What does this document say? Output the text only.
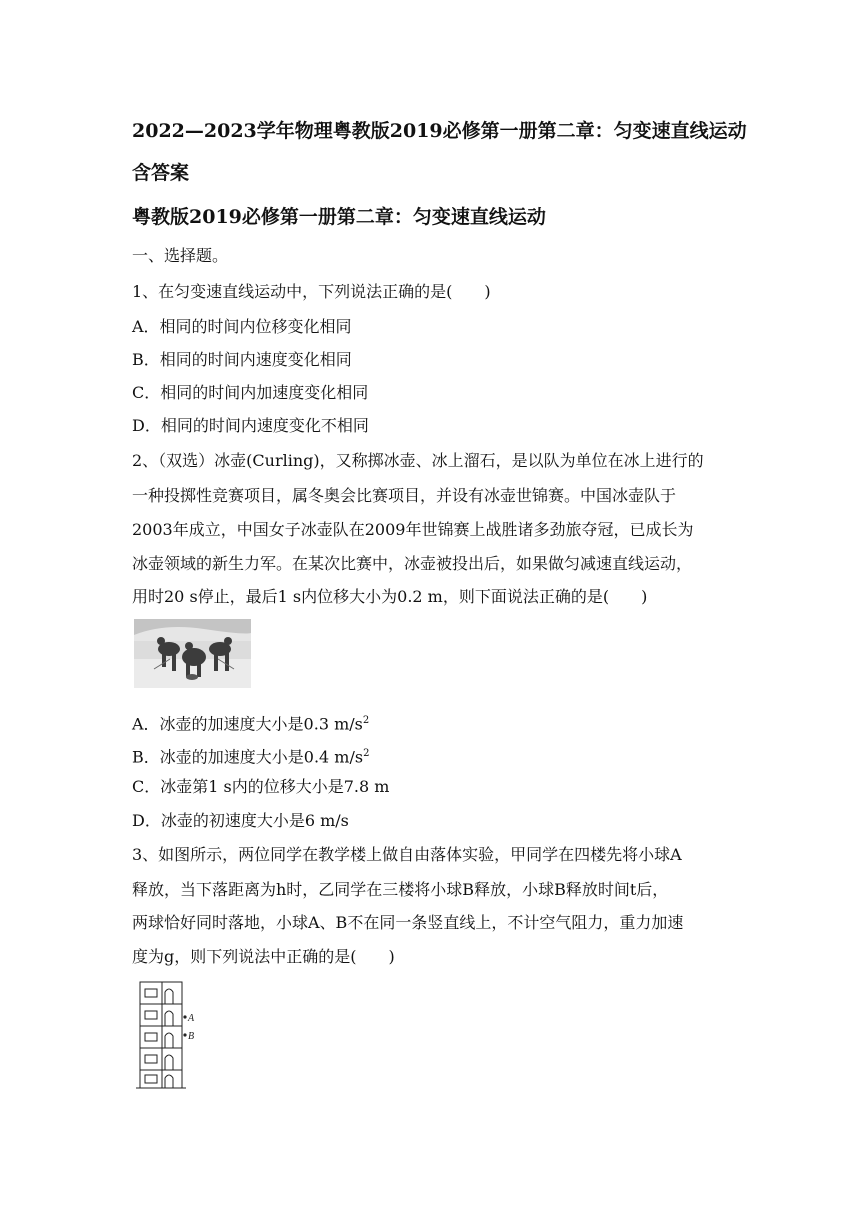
2022—2023学年物理粤教版2019必修第一册第二章：匀变速直线运动含答案
粤教版2019必修第一册第二章：匀变速直线运动
一、选择题。
1、在匀变速直线运动中，下列说法正确的是(　　)
A．相同的时间内位移变化相同
B．相同的时间内速度变化相同
C．相同的时间内加速度变化相同
D．相同的时间内速度变化不相同
2、（双选）冰壶(Curling)，又称掷冰壶、冰上溜石，是以队为单位在冰上进行的
一种投掷性竞赛项目，属冬奥会比赛项目，并设有冰壶世锦赛。中国冰壶队于
2003年成立，中国女子冰壶队在2009年世锦赛上战胜诸多劲旅夺冠，已成长为
冰壶领域的新生力军。在某次比赛中，冰壶被投出后，如果做匀减速直线运动，
用时20 s停止，最后1 s内位移大小为0.2 m，则下面说法正确的是(　　)
A．冰壶的加速度大小是0.3 $m/s^2$
B．冰壶的加速度大小是0.4 $m/s^2$
C．冰壶第1 s内的位移大小是7.8 m
D．冰壶的初速度大小是6 m/s
3、如图所示，两位同学在教学楼上做自由落体实验，甲同学在四楼先将小球A
释放，当下落距离为h时，乙同学在三楼将小球B释放，小球B释放时间t后，
两球恰好同时落地，小球A、B不在同一条竖直线上，不计空气阻力，重力加速
度为g，则下列说法中正确的是(　　)
A
B
